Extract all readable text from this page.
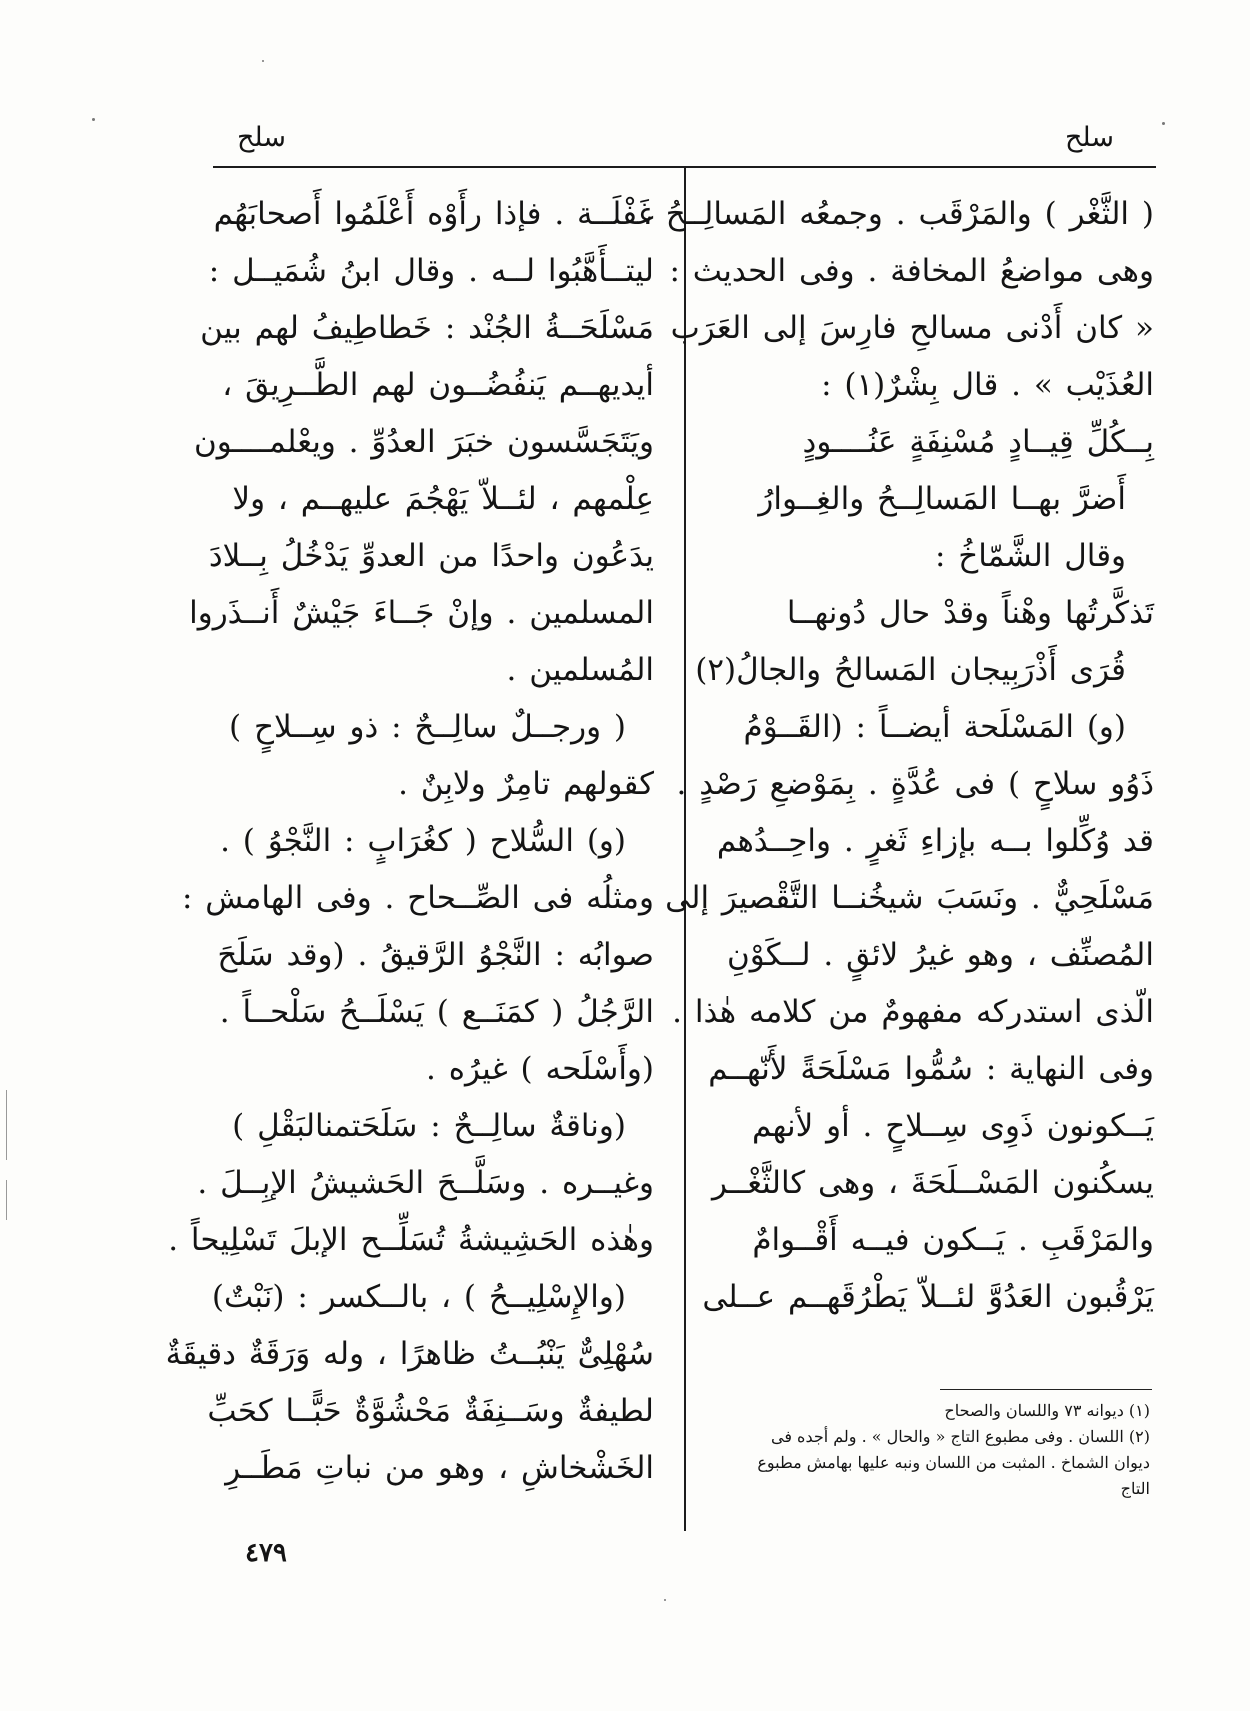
سلح	سلح
( الثَّغْر ) والمَرْقَب . وجمعُه المَسالِــحُ ،
وهى مواضعُ المخافة . وفى الحديث :
« كان أَدْنى مسالحِ فارِسَ إلى العَرَب
العُذَيْب » . قال بِشْرٌ(١) :
بِــكُلِّ قِيــادٍ مُسْنِفَةٍ عَنُــــودٍ
أَضرَّ بهــا المَسالِــحُ والغِــوارُ
وقال الشَّمّاخُ :
تَذكَّرتُها وهْناً وقدْ حال دُونهــا
قُرَى أَذْرَبِيجان المَسالحُ والجالُ(٢)
(و) المَسْلَحة أيضــاً : (القَــوْمُ
ذَوُو سلاحٍ ) فى عُدَّةٍ . بِمَوْضعِ رَصْدٍ .
قد وُكِّلوا بــه بإزاءِ ثَغرٍ . واحِــدُهم
مَسْلَحِيٌّ . ونَسَبَ شيخُنــا التَّقْصيرَ إلى
المُصنِّف ، وهو غيرُ لائقٍ . لــكَوْنِ
الّذى استدركه مفهومٌ من كلامه هٰذا .
وفى النهاية : سُمُّوا مَسْلَحَةً لأَنّهــم
يَــكونون ذَوِى سِــلاحٍ . أو لأنهم
يسكُنون المَسْــلَحَةَ ، وهى كالثَّغْــر
والمَرْقَبِ . يَــكون فيــه أَقْــوامٌ
يَرْقُبون العَدُوَّ لئــلاّ يَطْرُقَهــم عــلى
غَفْلَــة . فإذا رأَوْه أَعْلَمُوا أَصحابَهُم
ليتــأَهَّبُوا لــه . وقال ابنُ شُمَيــل :
مَسْلَحَــةُ الجُنْد : خَطاطِيفُ لهم بين
أيديهــم يَنفُضُــون لهم الطَّــرِيقَ ،
ويَتَجَسَّسون خبَرَ العدُوِّ . ويعْلمــــون
عِلْمهم ، لئــلاّ يَهْجُمَ عليهــم ، ولا
يدَعُون واحدًا من العدوِّ يَدْخُلُ بِــلادَ
المسلمين . وإنْ جَــاءَ جَيْشٌ أَنــذَروا
المُسلمين .
( ورجــلٌ سالِــحٌ : ذو سِــلاحٍ )
كقولهم تامِرٌ ولابِنٌ .
(و) السُّلاح ( كغُرَابٍ : النَّجْوُ ) .
ومثلُه فى الصِّــحاح . وفى الهامش :
صوابُه : النَّجْوُ الرَّقيقُ . (وقد سَلَحَ
الرَّجُلُ ( كمَنَــع ) يَسْلَــحُ سَلْحــاً .
(وأَسْلَحه ) غيرُه .
(وناقةٌ سالِــحٌ : سَلَحَتمنالبَقْلِ )
وغيــره . وسَلَّــحَ الحَشيشُ الإبِــلَ .
وهٰذه الحَشِيشةُ تُسَلِّــح الإبلَ تَسْلِيحاً .
(والإِسْلِيــحُ ) ، بالــكسر : (نَبْتٌ)
سُهْلِىٌّ يَنْبُــتُ ظاهرًا ، وله وَرَقَةٌ دقيقَةٌ
لطيفةٌ وسَــنِفَةٌ مَحْشُوَّةٌ حَبًّــا كحَبِّ
الخَشْخاشِ ، وهو من نباتِ مَطَــرِ
(١) ديوانه ٧٣ واللسان والصحاح
(٢) اللسان . وفى مطبوع التاج « والحال » . ولم أجده فى
ديوان الشماخ . المثبت من اللسان ونبه عليها بهامش مطبوع
التاج
٤٧٩
